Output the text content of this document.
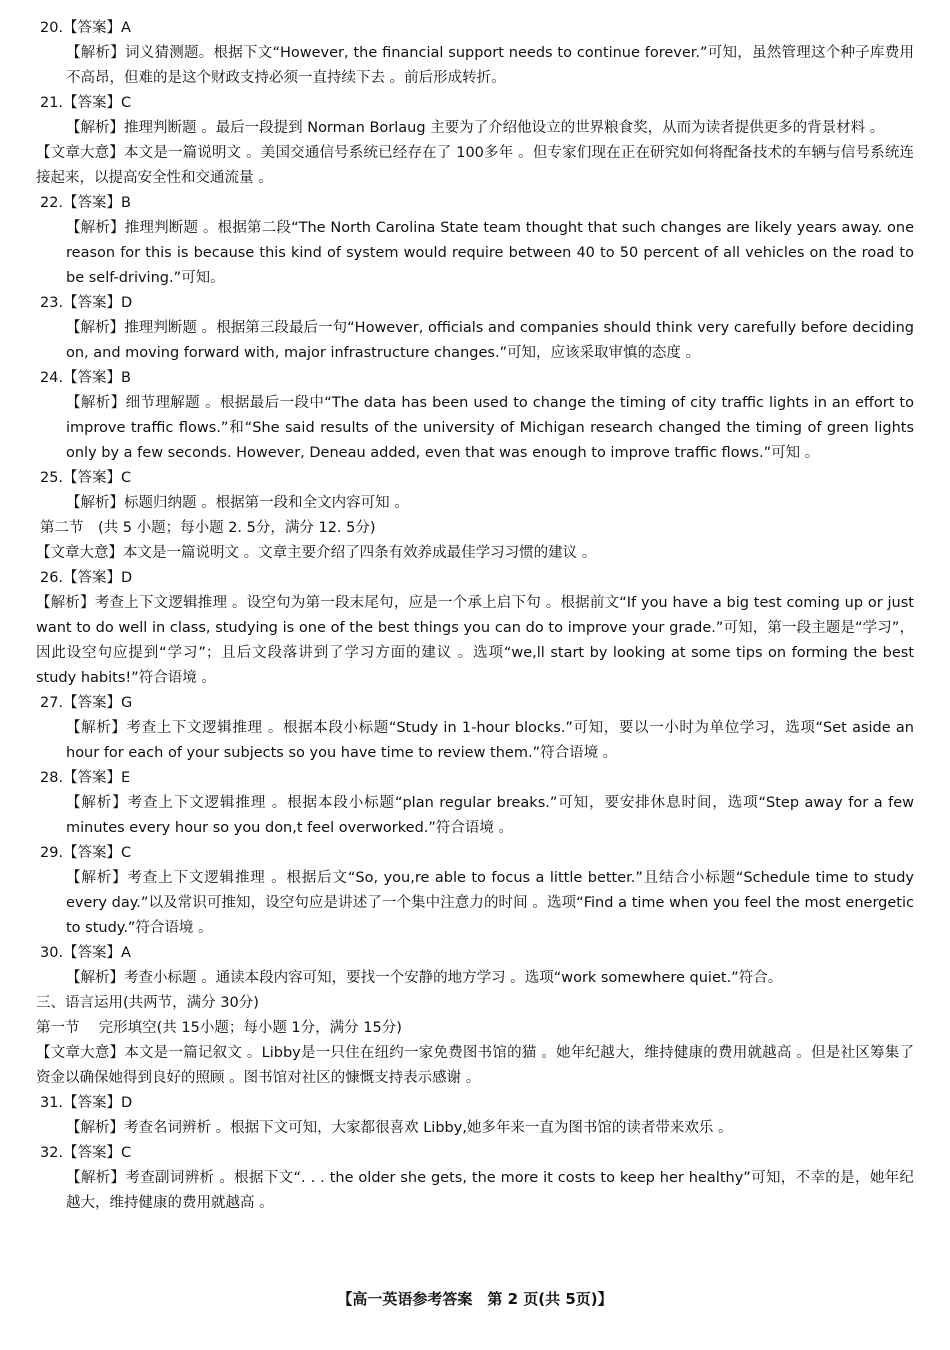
20.【答案】A
【解析】词义猜测题。根据下文“However, the financial support needs to continue forever.”可知，虽然管理这个种子库费用不高昂，但难的是这个财政支持必须一直持续下去 。前后形成转折。
21.【答案】C
【解析】推理判断题 。最后一段提到 Norman Borlaug 主要为了介绍他设立的世界粮食奖，从而为读者提供更多的背景材料 。
【文章大意】本文是一篇说明文 。美国交通信号系统已经存在了 100多年 。但专家们现在正在研究如何将配备技术的车辆与信号系统连接起来，以提高安全性和交通流量 。
22.【答案】B
【解析】推理判断题 。根据第二段“The North Carolina State team thought that such changes are likely years away. one reason for this is because this kind of system would require between 40 to 50 percent of all vehicles on the road to be self-driving.”可知。
23.【答案】D
【解析】推理判断题 。根据第三段最后一句“However, officials and companies should think very carefully before deciding on, and moving forward with, major infrastructure changes.”可知，应该采取审慎的态度 。
24.【答案】B
【解析】细节理解题 。根据最后一段中“The data has been used to change the timing of city traffic lights in an effort to improve traffic flows.”和“She said results of the university of Michigan research changed the timing of green lights only by a few seconds. However, Deneau added, even that was enough to improve traffic flows.”可知 。
25.【答案】C
【解析】标题归纳题 。根据第一段和全文内容可知 。
第二节　(共 5 小题；每小题 2. 5分，满分 12. 5分)
【文章大意】本文是一篇说明文 。文章主要介绍了四条有效养成最佳学习习惯的建议 。
26.【答案】D
【解析】考查上下文逻辑推理 。设空句为第一段末尾句，应是一个承上启下句 。根据前文“If you have a big test coming up or just want to do well in class, studying is one of the best things you can do to improve your grade.”可知，第一段主题是“学习”，因此设空句应提到“学习”；且后文段落讲到了学习方面的建议 。选项“we,ll start by looking at some tips on forming the best study habits!”符合语境 。
27.【答案】G
【解析】考查上下文逻辑推理 。根据本段小标题“Study in 1-hour blocks.”可知，要以一小时为单位学习，选项“Set aside an hour for each of your subjects so you have time to review them.”符合语境 。
28.【答案】E
【解析】考查上下文逻辑推理 。根据本段小标题“plan regular breaks.”可知，要安排休息时间，选项“Step away for a few minutes every hour so you don,t feel overworked.”符合语境 。
29.【答案】C
【解析】考查上下文逻辑推理 。根据后文“So, you,re able to focus a little better.”且结合小标题“Schedule time to study every day.”以及常识可推知，设空句应是讲述了一个集中注意力的时间 。选项“Find a time when you feel the most energetic to study.”符合语境 。
30.【答案】A
【解析】考查小标题 。通读本段内容可知，要找一个安静的地方学习 。选项“work somewhere quiet.”符合。
三、语言运用(共两节，满分 30分)
第一节　 完形填空(共 15小题；每小题 1分，满分 15分)
【文章大意】本文是一篇记叙文 。Libby是一只住在纽约一家免费图书馆的猫 。她年纪越大，维持健康的费用就越高 。但是社区筹集了资金以确保她得到良好的照顾 。图书馆对社区的慷慨支持表示感谢 。
31.【答案】D
【解析】考查名词辨析 。根据下文可知，大家都很喜欢 Libby,她多年来一直为图书馆的读者带来欢乐 。
32.【答案】C
【解析】考查副词辨析 。根据下文“. . . the older she gets, the more it costs to keep her healthy”可知，不幸的是，她年纪越大，维持健康的费用就越高 。
【高一英语参考答案　第 2 页(共 5页)】
